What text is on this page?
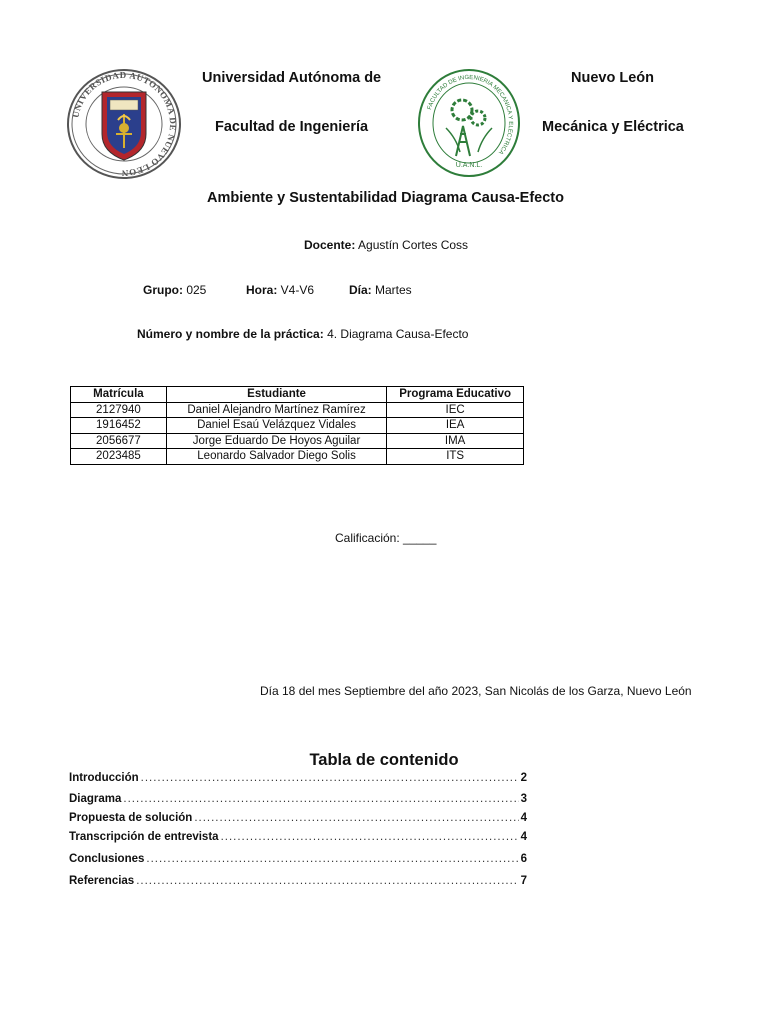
UNIVERSIDAD AUTONOMA DE NUEVO LEON
FACULTAD DE INGENIERIA MECANICA Y ELECTRICA
U.A.N.L.
Universidad Autónoma de	Nuevo León
Facultad de Ingeniería	Mecánica y Eléctrica
Ambiente y Sustentabilidad Diagrama Causa-Efecto
Docente: Agustín Cortes Coss
Grupo: 025	Hora: V4-V6	Día: Martes
Número y nombre de la práctica: 4. Diagrama Causa-Efecto
Matrícula	Estudiante	Programa Educativo
2127940	Daniel Alejandro Martínez Ramírez	IEC
1916452	Daniel Esaú Velázquez Vidales	IEA
2056677	Jorge Eduardo De Hoyos Aguilar	IMA
2023485	Leonardo Salvador Diego Solis	ITS
Calificación: _____
Día 18 del mes Septiembre del año 2023, San Nicolás de los Garza, Nuevo León
Tabla de contenido
Introducción .....	2
Diagrama .....	3
Propuesta de solución .....	4
Transcripción de entrevista .....	4
Conclusiones .....	6
Referencias .....	7
